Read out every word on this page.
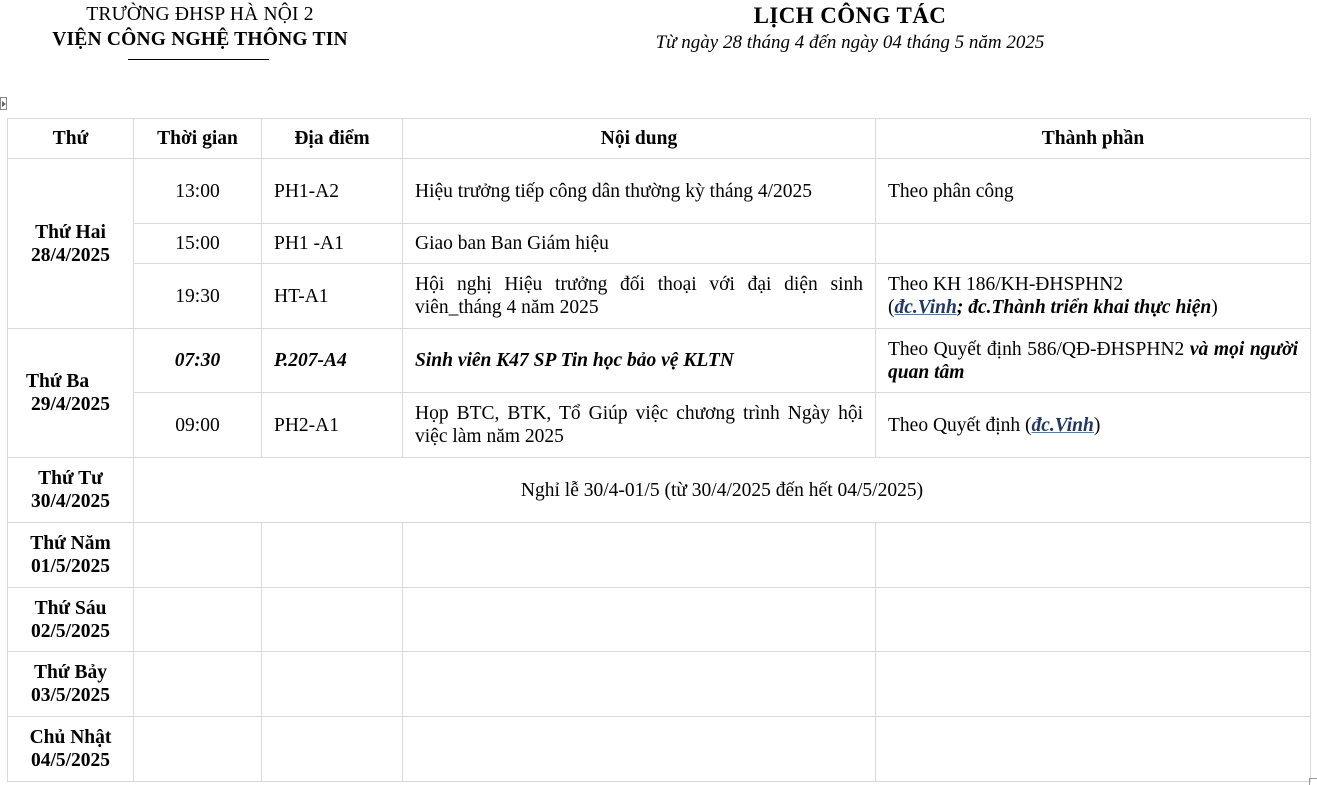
TRƯỜNG ĐHSP HÀ NỘI 2
VIỆN CÔNG NGHỆ THÔNG TIN
LỊCH CÔNG TÁC
Từ ngày 28 tháng 4 đến ngày 04 tháng 5 năm 2025
Thứ	Thời gian	Địa điểm	Nội dung	Thành phần

Thứ Hai
28/4/2025	13:00	PH1-A2	Hiệu trưởng tiếp công dân thường kỳ tháng 4/2025	Theo phân công
	15:00	PH1 -A1	Giao ban Ban Giám hiệu	
	19:30	HT-A1	Hội nghị Hiệu trưởng đối thoại với đại diện sinh viên_tháng 4 năm 2025	Theo KH 186/KH-ĐHSPHN2
(đc.Vinh; đc.Thành triển khai thực hiện)

Thứ Ba
29/4/2025	07:30	P.207-A4	Sinh viên K47 SP Tin học bảo vệ KLTN	Theo Quyết định 586/QĐ-ĐHSPHN2 và mọi người quan tâm
	09:00	PH2-A1	Họp BTC, BTK, Tổ Giúp việc chương trình Ngày hội việc làm năm 2025	Theo Quyết định (đc.Vinh)

Thứ Tư
30/4/2025	Nghỉ lễ 30/4-01/5 (từ 30/4/2025 đến hết 04/5/2025)			

Thứ Năm
01/5/2025				

Thứ Sáu
02/5/2025				

Thứ Bảy
03/5/2025				

Chủ Nhật
04/5/2025				
